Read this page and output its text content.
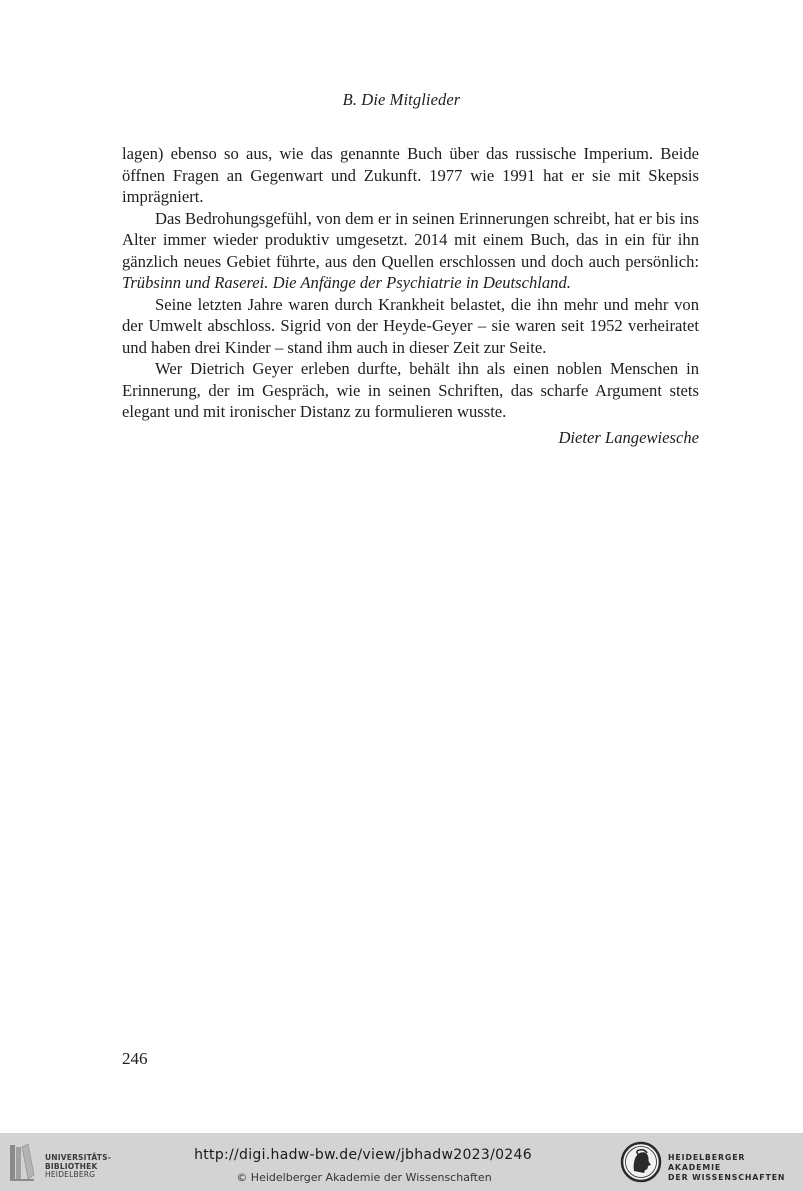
B. Die Mitglieder

lagen) ebenso so aus, wie das genannte Buch über das russische Imperium. Beide öffnen Fragen an Gegenwart und Zukunft. 1977 wie 1991 hat er sie mit Skepsis imprägniert.

Das Bedrohungsgefühl, von dem er in seinen Erinnerungen schreibt, hat er bis ins Alter immer wieder produktiv umgesetzt. 2014 mit einem Buch, das in ein für ihn gänzlich neues Gebiet führte, aus den Quellen erschlossen und doch auch persönlich: Trübsinn und Raserei. Die Anfänge der Psychiatrie in Deutschland.

Seine letzten Jahre waren durch Krankheit belastet, die ihn mehr und mehr von der Umwelt abschloss. Sigrid von der Heyde-Geyer – sie waren seit 1952 verheiratet und haben drei Kinder – stand ihm auch in dieser Zeit zur Seite.

Wer Dietrich Geyer erleben durfte, behält ihn als einen noblen Menschen in Erinnerung, der im Gespräch, wie in seinen Schriften, das scharfe Argument stets elegant und mit ironischer Distanz zu formulieren wusste.

Dieter Langewiesche
246
UNIVERSITÄTS-
BIBLIOTHEK
HEIDELBERG
http://digi.hadw-bw.de/view/jbhadw2023/0246
© Heidelberger Akademie der Wissenschaften
HEIDELBERGER AKADEMIE
DER WISSENSCHAFTEN
